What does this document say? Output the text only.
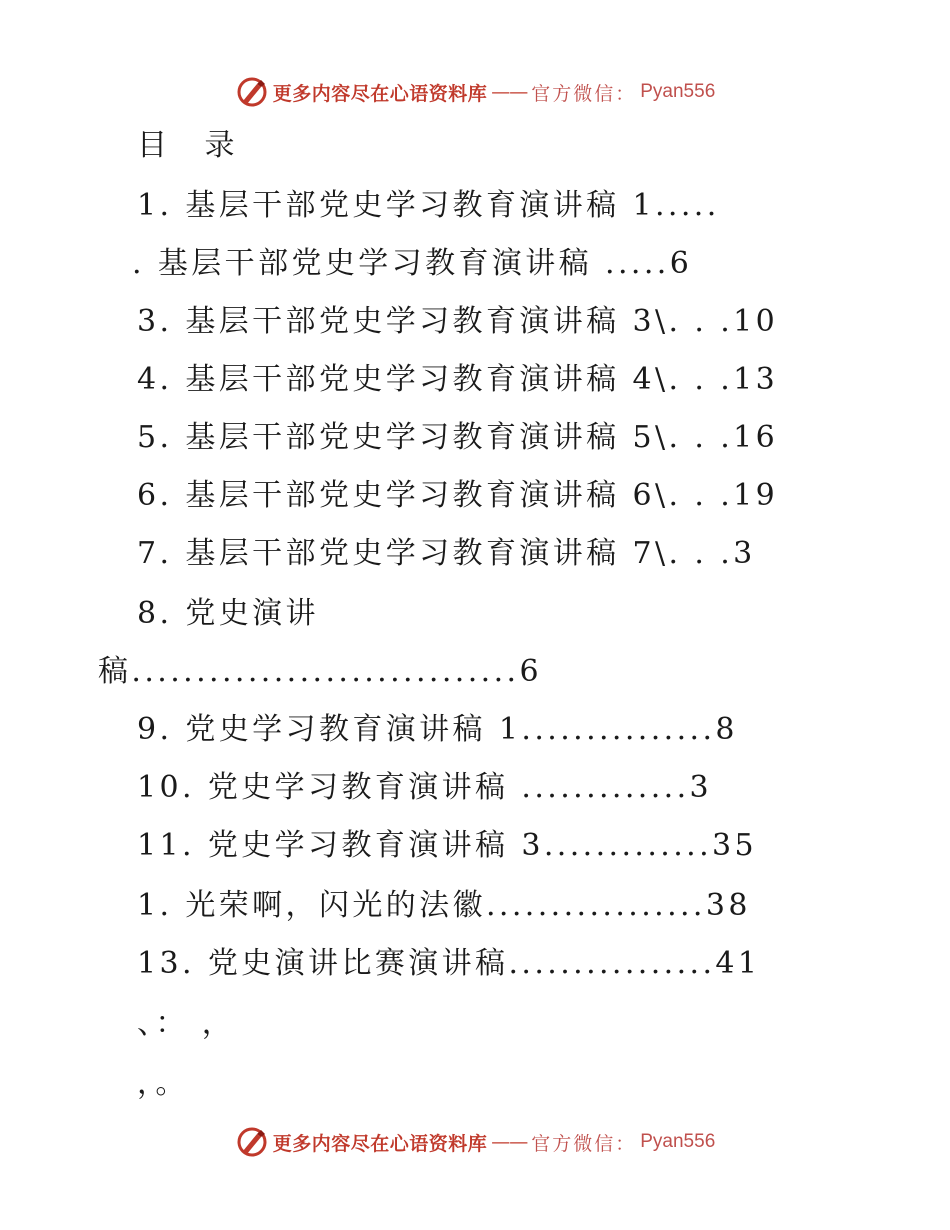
更多内容尽在心语资料库 —— 官方微信： Pyan556
目 录
1. 基层干部党史学习教育演讲稿 1.....
. 基层干部党史学习教育演讲稿 .....6
3. 基层干部党史学习教育演讲稿 3\. . .10
4. 基层干部党史学习教育演讲稿 4\. . .13
5. 基层干部党史学习教育演讲稿 5\. . .16
6. 基层干部党史学习教育演讲稿 6\. . .19
7. 基层干部党史学习教育演讲稿 7\. . .3
8. 党史演讲
稿..............................6
9. 党史学习教育演讲稿 1...............8
10. 党史学习教育演讲稿 .............3
11. 党史学习教育演讲稿 3.............35
1. 光荣啊，闪光的法徽.................38
13. 党史演讲比赛演讲稿................41
、： ，
，。
更多内容尽在心语资料库 —— 官方微信： Pyan556
